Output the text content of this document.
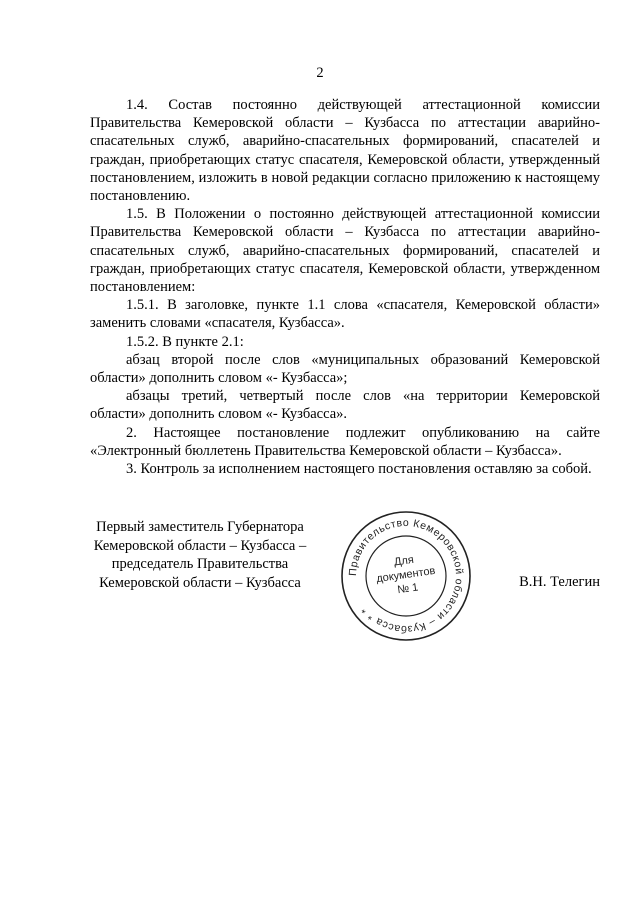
2

1.4. Состав постоянно действующей аттестационной комиссии Правительства Кемеровской области – Кузбасса по аттестации аварийно-спасательных служб, аварийно-спасательных формирований, спасателей и граждан, приобретающих статус спасателя, Кемеровской области, утвержденный постановлением, изложить в новой редакции согласно приложению к настоящему постановлению.

1.5. В Положении о постоянно действующей аттестационной комиссии Правительства Кемеровской области – Кузбасса по аттестации аварийно-спасательных служб, аварийно-спасательных формирований, спасателей и граждан, приобретающих статус спасателя, Кемеровской области, утвержденном постановлением:

1.5.1. В заголовке, пункте 1.1 слова «спасателя, Кемеровской области» заменить словами «спасателя, Кузбасса».

1.5.2. В пункте 2.1:

абзац второй после слов «муниципальных образований Кемеровской области» дополнить словом «- Кузбасса»;

абзацы третий, четвертый после слов «на территории Кемеровской области» дополнить словом «- Кузбасса».

2. Настоящее постановление подлежит опубликованию на сайте «Электронный бюллетень Правительства Кемеровской области – Кузбасса».

3. Контроль за исполнением настоящего постановления оставляю за собой.

Первый заместитель Губернатора
Кемеровской области – Кузбасса –
председатель Правительства
Кемеровской области – Кузбасса
Правительство Кемеровской области – Кузбасса * *
Для
документов
№ 1	В.Н. Телегин
